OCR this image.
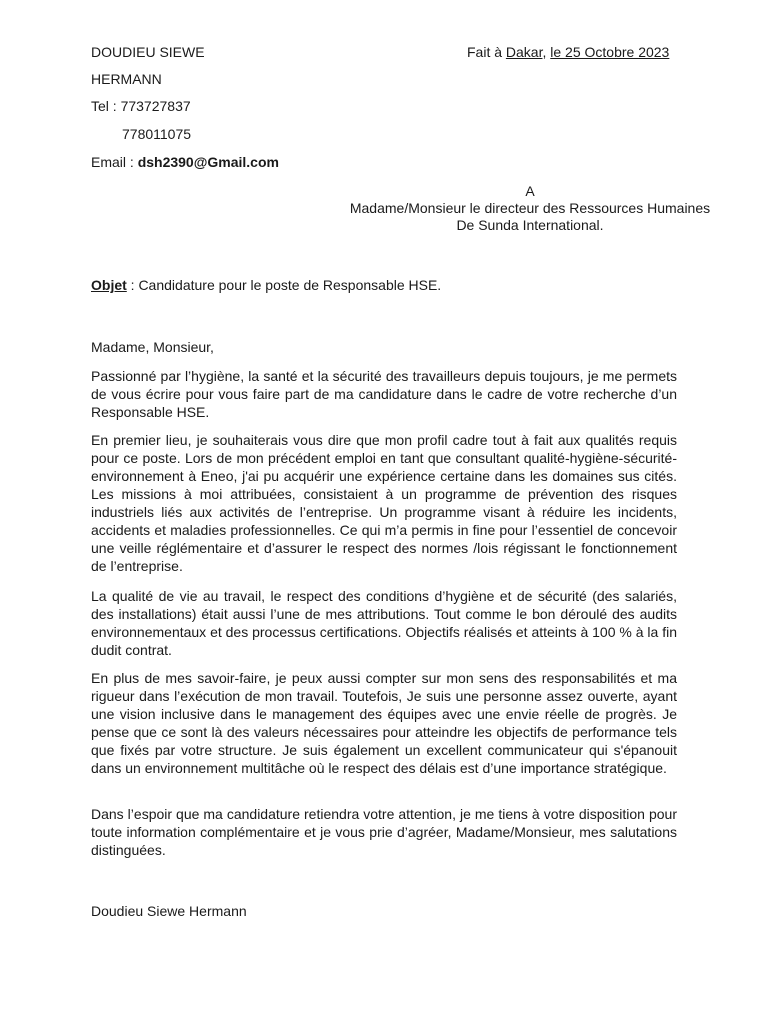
DOUDIEU SIEWE
HERMANN
Tel : 773727837
778011075
Email : dsh2390@Gmail.com
Fait à Dakar, le 25 Octobre 2023
A
Madame/Monsieur le directeur des Ressources Humaines
De Sunda International.
Objet : Candidature pour le poste de Responsable HSE.
Madame, Monsieur,

Passionné par l’hygiène, la santé et la sécurité des travailleurs depuis toujours, je me permets de vous écrire pour vous faire part de ma candidature dans le cadre de votre recherche d’un Responsable HSE.

En premier lieu, je souhaiterais vous dire que mon profil cadre tout à fait aux qualités requis pour ce poste. Lors de mon précédent emploi en tant que consultant qualité-hygiène-sécurité-environnement à Eneo, j'ai pu acquérir une expérience certaine dans les domaines sus cités. Les missions à moi attribuées, consistaient à un programme de prévention des risques industriels liés aux activités de l’entreprise. Un programme visant à réduire les incidents, accidents et maladies professionnelles. Ce qui m’a permis in fine pour l’essentiel de concevoir une veille réglémentaire et d’assurer le respect des normes /lois régissant le fonctionnement de l’entreprise.

La qualité de vie au travail, le respect des conditions d’hygiène et de sécurité (des salariés, des installations) était aussi l’une de mes attributions. Tout comme le bon déroulé des audits environnementaux et des processus certifications. Objectifs réalisés et atteints à 100 % à la fin dudit contrat.

En plus de mes savoir-faire, je peux aussi compter sur mon sens des responsabilités et ma rigueur dans l’exécution de mon travail. Toutefois, Je suis une personne assez ouverte, ayant une vision inclusive dans le management des équipes avec une envie réelle de progrès. Je pense que ce sont là des valeurs nécessaires pour atteindre les objectifs de performance tels que fixés par votre structure. Je suis également un excellent communicateur qui s'épanouit dans un environnement multitâche où le respect des délais est d’une importance stratégique.

Dans l’espoir que ma candidature retiendra votre attention, je me tiens à votre disposition pour toute information complémentaire et je vous prie d’agréer, Madame/Monsieur, mes salutations distinguées.

Doudieu Siewe Hermann
